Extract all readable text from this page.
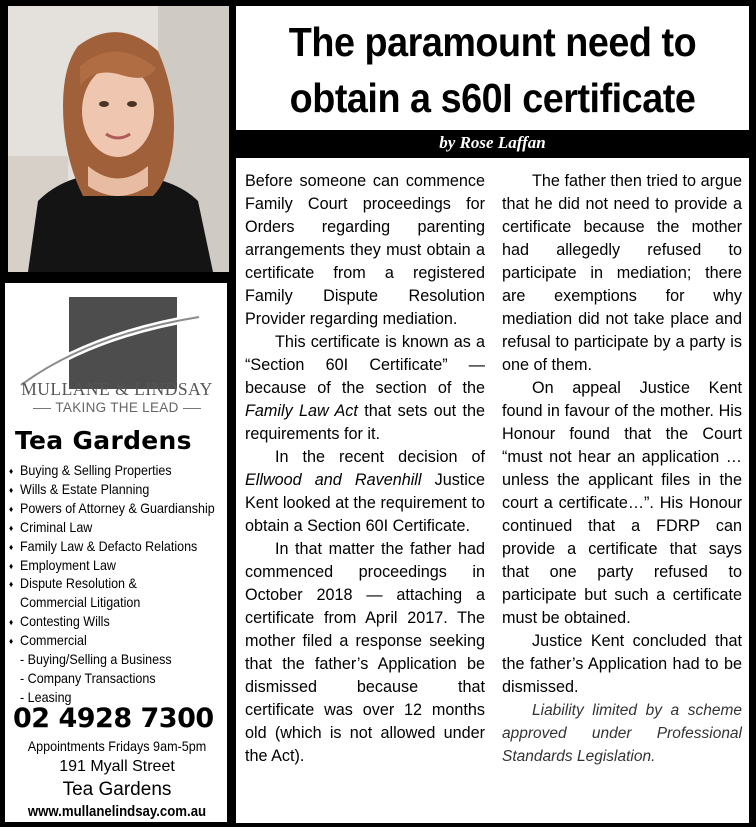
MULLANE & LINDSAY
TAKING THE LEAD
Tea Gardens
♦ Buying & Selling Properties
♦ Wills & Estate Planning
♦ Powers of Attorney & Guardianship
♦ Criminal Law
♦ Family Law & Defacto Relations
♦ Employment Law
♦ Dispute Resolution &
Commercial Litigation
♦ Contesting Wills
♦ Commercial
- Buying/Selling a Business
- Company Transactions
- Leasing
02 4928 7300
Appointments Fridays 9am-5pm
191 Myall Street
Tea Gardens
www.mullanelindsay.com.au
The paramount need to
obtain a s60I certificate
by Rose Laffan

Before someone can commence Family Court proceedings for Orders regarding parenting arrangements they must obtain a certificate from a registered Family Dispute Resolution Provider regarding mediation.

This certificate is known as a “Section 60I Certificate” — because of the section of the Family Law Act that sets out the requirements for it.

In the recent decision of Ellwood and Ravenhill Justice Kent looked at the requirement to obtain a Section 60I Certificate.

In that matter the father had commenced proceedings in October 2018 — attaching a certificate from April 2017. The mother filed a response seeking that the father’s Application be dismissed because that certificate was over 12 months old (which is not allowed under the Act).

The father then tried to argue that he did not need to provide a certificate because the mother had allegedly refused to participate in mediation; there are exemptions for why mediation did not take place and refusal to participate by a party is one of them.

On appeal Justice Kent found in favour of the mother. His Honour found that the Court “must not hear an application … unless the applicant files in the court a certificate…”. His Honour continued that a FDRP can provide a certificate that says that one party refused to participate but such a certificate must be obtained.

Justice Kent concluded that the father’s Application had to be dismissed.

Liability limited by a scheme approved under Professional Standards Legislation.
